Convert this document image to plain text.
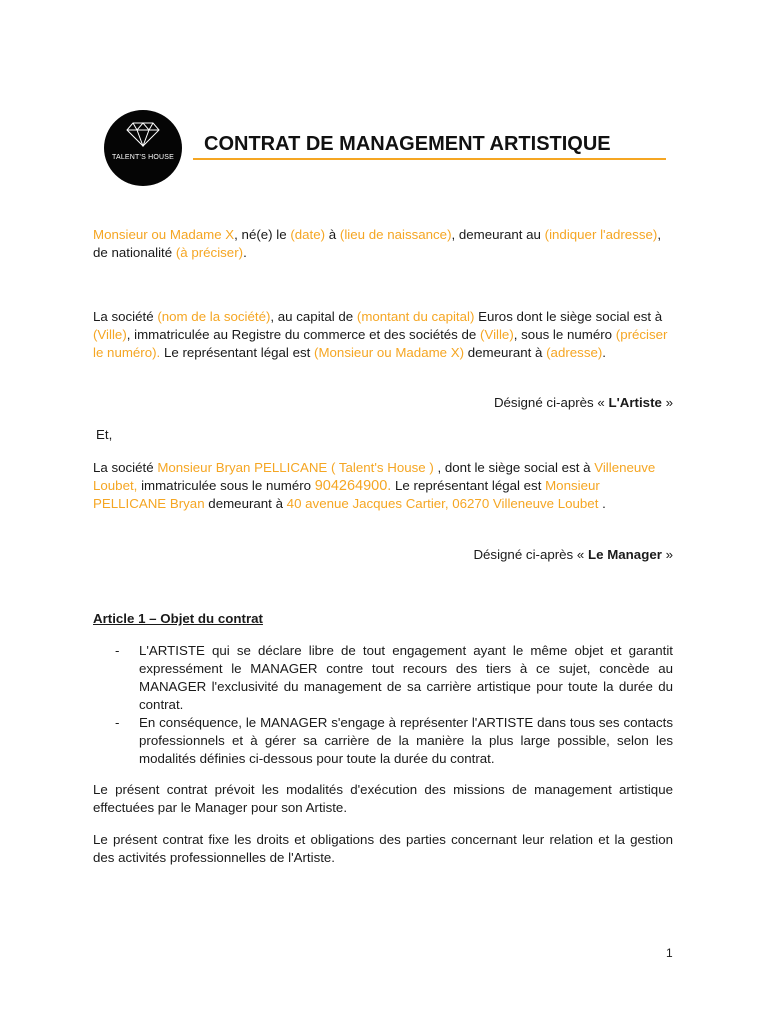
TALENT'S HOUSE
CONTRAT DE MANAGEMENT ARTISTIQUE
Monsieur ou Madame X, né(e) le (date) à (lieu de naissance), demeurant au (indiquer l'adresse), de nationalité (à préciser).
La société (nom de la société), au capital de (montant du capital) Euros dont le siège social est à (Ville), immatriculée au Registre du commerce et des sociétés de (Ville), sous le numéro (préciser le numéro). Le représentant légal est (Monsieur ou Madame X) demeurant à (adresse).
Désigné ci-après « L'Artiste »
Et,
La société Monsieur Bryan PELLICANE ( Talent's House ) , dont le siège social est à Villeneuve Loubet, immatriculée sous le numéro 904264900. Le représentant légal est Monsieur PELLICANE Bryan demeurant à 40 avenue Jacques Cartier, 06270 Villeneuve Loubet .
Désigné ci-après « Le Manager »
Article 1 – Objet du contrat
- L'ARTISTE qui se déclare libre de tout engagement ayant le même objet et garantit expressément le MANAGER contre tout recours des tiers à ce sujet, concède au MANAGER l'exclusivité du management de sa carrière artistique pour toute la durée du contrat.
- En conséquence, le MANAGER s'engage à représenter l'ARTISTE dans tous ses contacts professionnels et à gérer sa carrière de la manière la plus large possible, selon les modalités définies ci-dessous pour toute la durée du contrat.
Le présent contrat prévoit les modalités d'exécution des missions de management artistique effectuées par le Manager pour son Artiste.
Le présent contrat fixe les droits et obligations des parties concernant leur relation et la gestion des activités professionnelles de l'Artiste.
1
